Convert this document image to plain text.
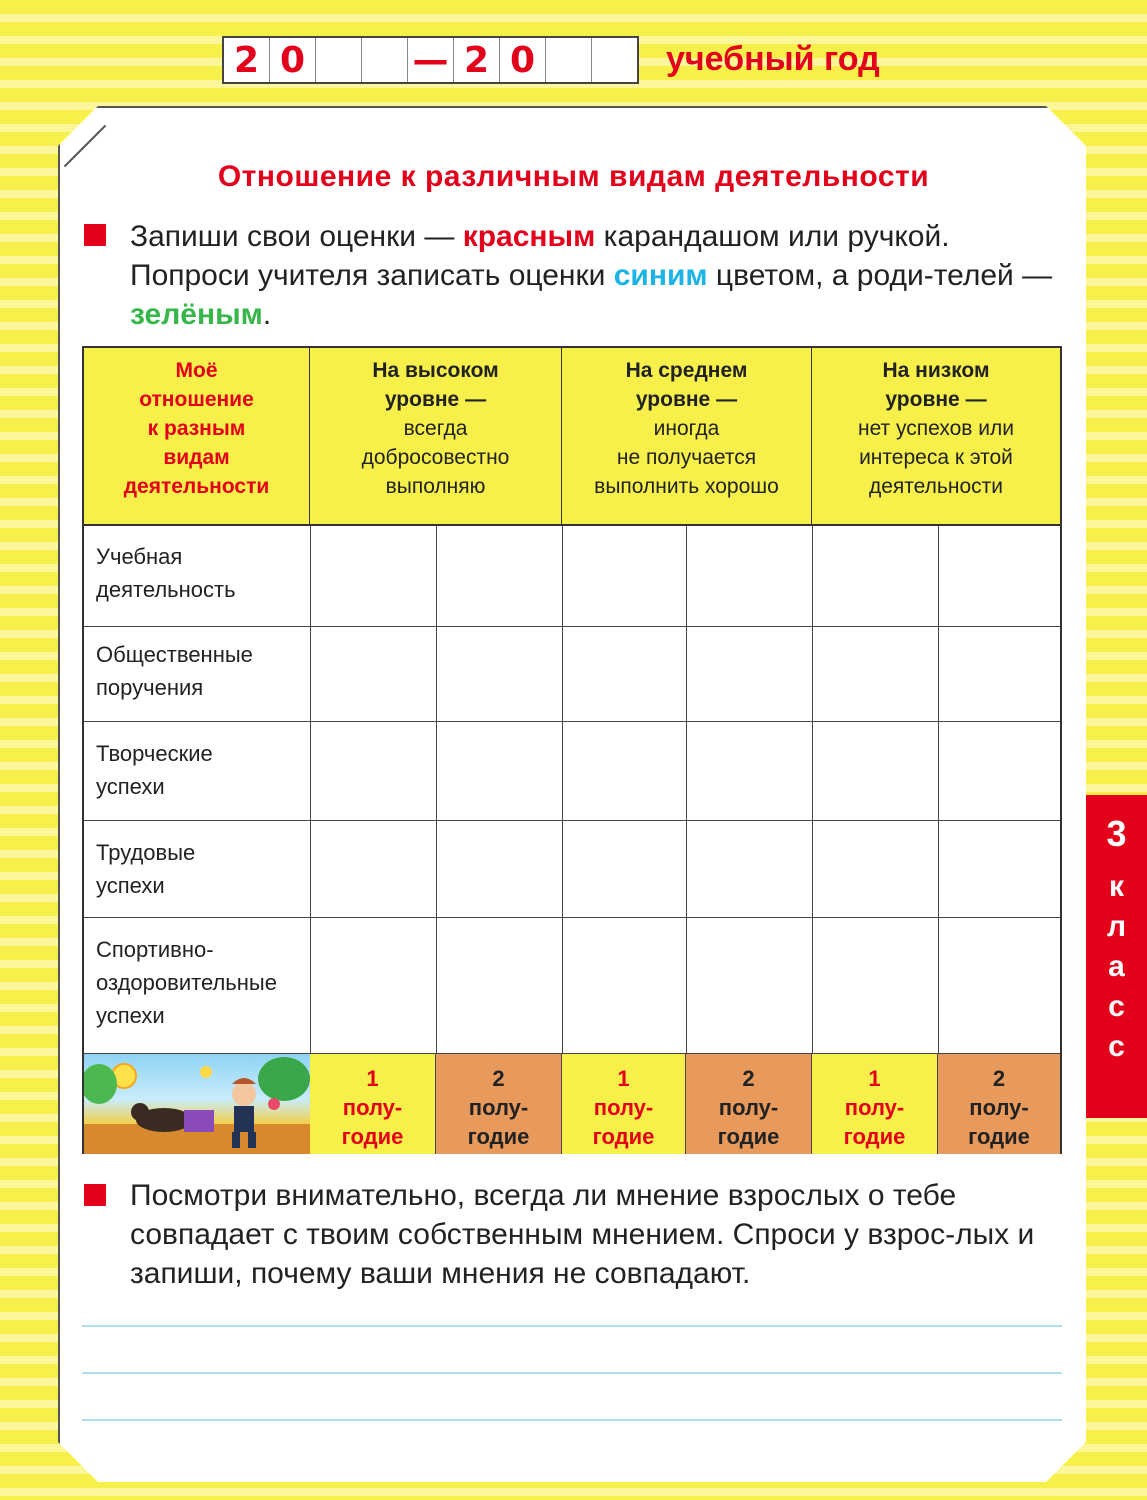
2 0	— 2 0	учебный год
Отношение к различным видам деятельности
Запиши свои оценки — красным карандашом или ручкой. Попроси учителя записать оценки синим цветом, а роди-телей — зелёным.
Моё
отношение
к разным
видам
деятельности
На высоком
уровне —
всегда
добросовестно
выполняю
На среднем
уровне —
иногда
не получается
выполнить хорошо
На низком
уровне —
нет успехов или
интереса к этой
деятельности
Учебная
деятельность
Общественные
поручения
Творческие
успехи
Трудовые
успехи
Спортивно-
оздоровительные
успехи
1
полу-
годие
2
полу-
годие
1
полу-
годие
2
полу-
годие
1
полу-
годие
2
полу-
годие
3
к
л
а
с
с
Посмотри внимательно, всегда ли мнение взрослых о тебе совпадает с твоим собственным мнением. Спроси у взрос-лых и запиши, почему ваши мнения не совпадают.
